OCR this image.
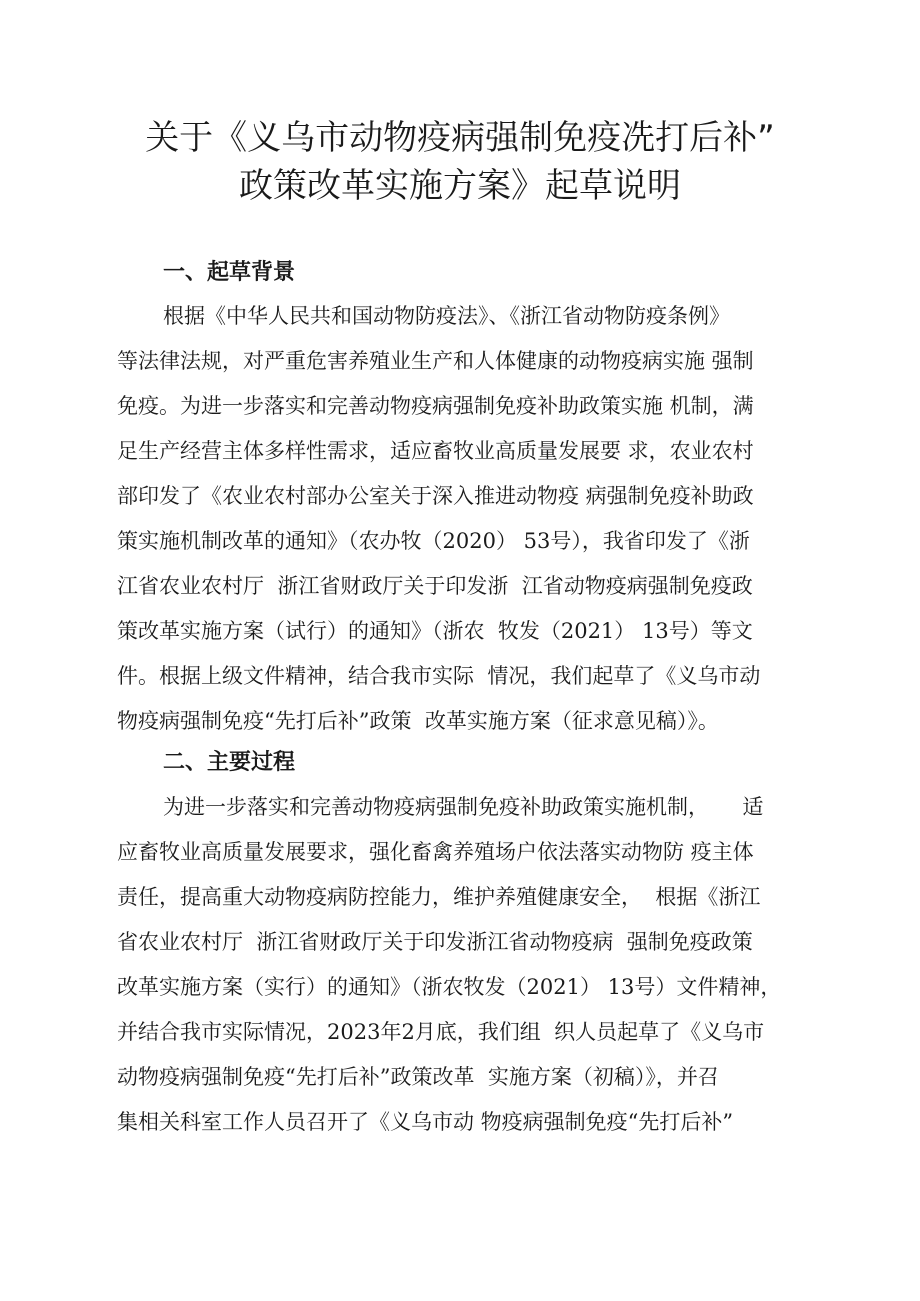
关于《义乌市动物疫病强制免疫冼打后补”
政策改革实施方案》起草说明
一、起草背景

根据《中华人民共和国动物防疫法》、《浙江省动物防疫条例》

等法律法规，对严重危害养殖业生产和人体健康的动物疫病实施 强制

免疫。为进一步落实和完善动物疫病强制免疫补助政策实施 机制，满

足生产经营主体多样性需求，适应畜牧业高质量发展要 求，农业农村

部印发了《农业农村部办公室关于深入推进动物疫 病强制免疫补助政

策实施机制改革的通知》（农办牧（2020） 53号），我省印发了《浙

江省农业农村厅  浙江省财政厅关于印发浙  江省动物疫病强制免疫政

策改革实施方案（试行）的通知》（浙农  牧发（2021） 13号）等文

件。根据上级文件精神，结合我市实际  情况，我们起草了《义乌市动

物疫病强制免疫“先打后补”政策  改革实施方案（征求意见稿）》。

二、主要过程

为进一步落实和完善动物疫病强制免疫补助政策实施机制，     适

应畜牧业高质量发展要求，强化畜禽养殖场户依法落实动物防 疫主体

责任，提高重大动物疫病防控能力，维护养殖健康安全，  根据《浙江

省农业农村厅  浙江省财政厅关于印发浙江省动物疫病  强制免疫政策

改革实施方案（实行）的通知》（浙农牧发（2021） 13号）文件精神，

并结合我市实际情况，2023年2月底，我们组  织人员起草了《义乌市

动物疫病强制免疫“先打后补”政策改革  实施方案（初稿）》，并召

集相关科室工作人员召开了《义乌市动 物疫病强制免疫“先打后补”
